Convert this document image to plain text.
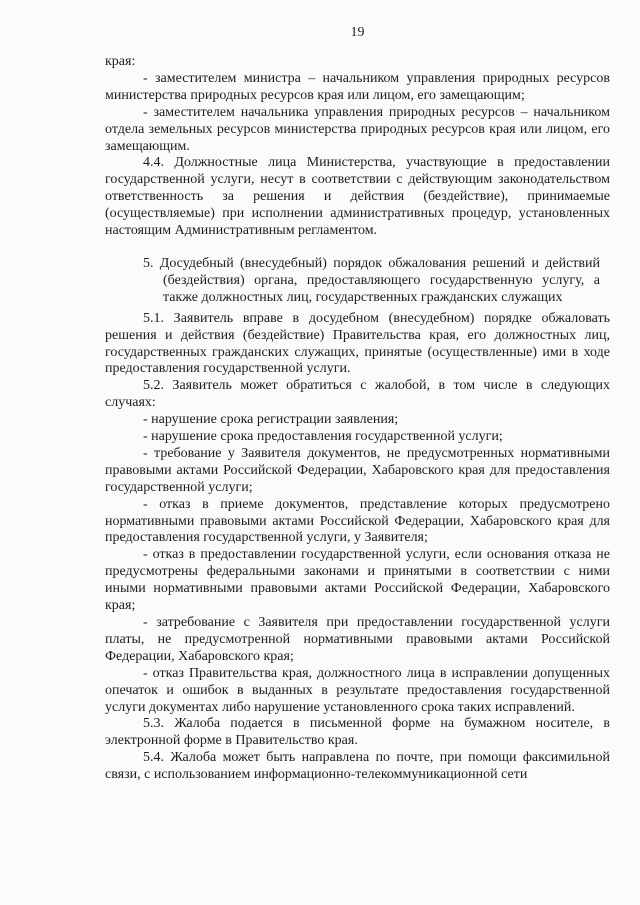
19

края:

- заместителем министра – начальником управления природных ресурсов министерства природных ресурсов края или лицом, его замещающим;

- заместителем начальника управления природных ресурсов – начальником отдела земельных ресурсов министерства природных ресурсов края или лицом, его замещающим.

4.4. Должностные лица Министерства, участвующие в предоставлении государственной услуги, несут в соответствии с действующим законодательством ответственность за решения и действия (бездействие), принимаемые (осуществляемые) при исполнении административных процедур, установленных настоящим Административным регламентом.

5. Досудебный (внесудебный) порядок обжалования решений и действий (бездействия) органа, предоставляющего государственную услугу, а также должностных лиц, государственных гражданских служащих

5.1. Заявитель вправе в досудебном (внесудебном) порядке обжаловать решения и действия (бездействие) Правительства края, его должностных лиц, государственных гражданских служащих, принятые (осуществленные) ими в ходе предоставления государственной услуги.

5.2. Заявитель может обратиться с жалобой, в том числе в следующих случаях:

- нарушение срока регистрации заявления;

- нарушение срока предоставления государственной услуги;

- требование у Заявителя документов, не предусмотренных нормативными правовыми актами Российской Федерации, Хабаровского края для предоставления государственной услуги;

- отказ в приеме документов, представление которых предусмотрено нормативными правовыми актами Российской Федерации, Хабаровского края для предоставления государственной услуги, у Заявителя;

- отказ в предоставлении государственной услуги, если основания отказа не предусмотрены федеральными законами и принятыми в соответствии с ними иными нормативными правовыми актами Российской Федерации, Хабаровского края;

- затребование с Заявителя при предоставлении государственной услуги платы, не предусмотренной нормативными правовыми актами Российской Федерации, Хабаровского края;

- отказ Правительства края, должностного лица в исправлении допущенных опечаток и ошибок в выданных в результате предоставления государственной услуги документах либо нарушение установленного срока таких исправлений.

5.3. Жалоба подается в письменной форме на бумажном носителе, в электронной форме в Правительство края.

5.4. Жалоба может быть направлена по почте, при помощи факсимильной связи, с использованием информационно-телекоммуникационной сети
